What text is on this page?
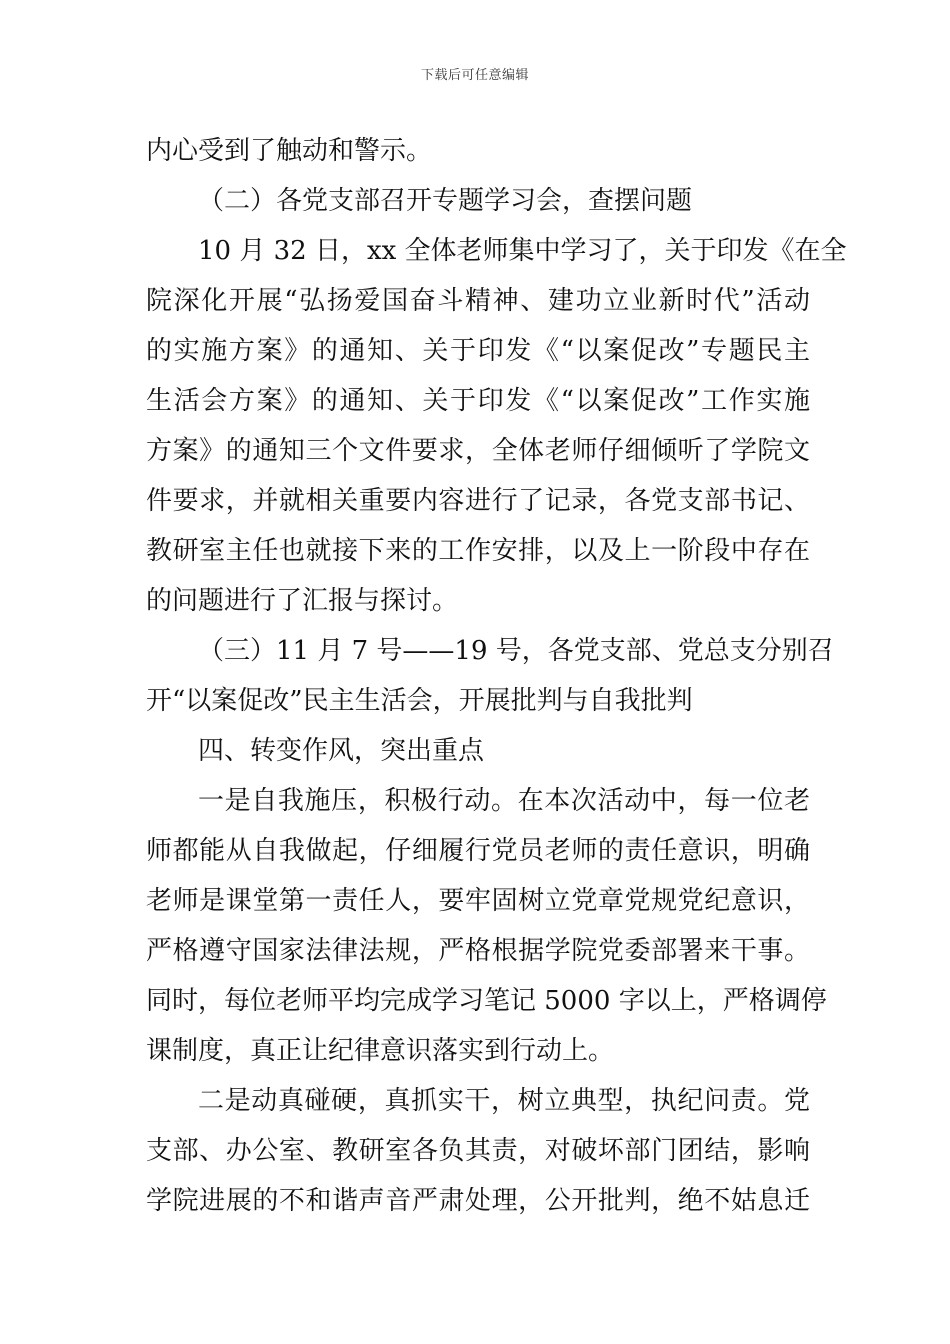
下载后可任意编辑
内心受到了触动和警示。
（二）各党支部召开专题学习会，查摆问题
10 月 32 日，xx 全体老师集中学习了，关于印发《在全
院深化开展“弘扬爱国奋斗精神、建功立业新时代”活动
的实施方案》的通知、关于印发《“以案促改”专题民主
生活会方案》的通知、关于印发《“以案促改”工作实施
方案》的通知三个文件要求，全体老师仔细倾听了学院文
件要求，并就相关重要内容进行了记录，各党支部书记、
教研室主任也就接下来的工作安排，以及上一阶段中存在
的问题进行了汇报与探讨。
（三）11 月 7 号——19 号，各党支部、党总支分别召
开“以案促改”民主生活会，开展批判与自我批判
四、转变作风，突出重点
一是自我施压，积极行动。在本次活动中，每一位老
师都能从自我做起，仔细履行党员老师的责任意识，明确
老师是课堂第一责任人，要牢固树立党章党规党纪意识，
严格遵守国家法律法规，严格根据学院党委部署来干事。
同时，每位老师平均完成学习笔记 5000 字以上，严格调停
课制度，真正让纪律意识落实到行动上。
二是动真碰硬，真抓实干，树立典型，执纪问责。党
支部、办公室、教研室各负其责，对破坏部门团结，影响
学院进展的不和谐声音严肃处理，公开批判，绝不姑息迁
